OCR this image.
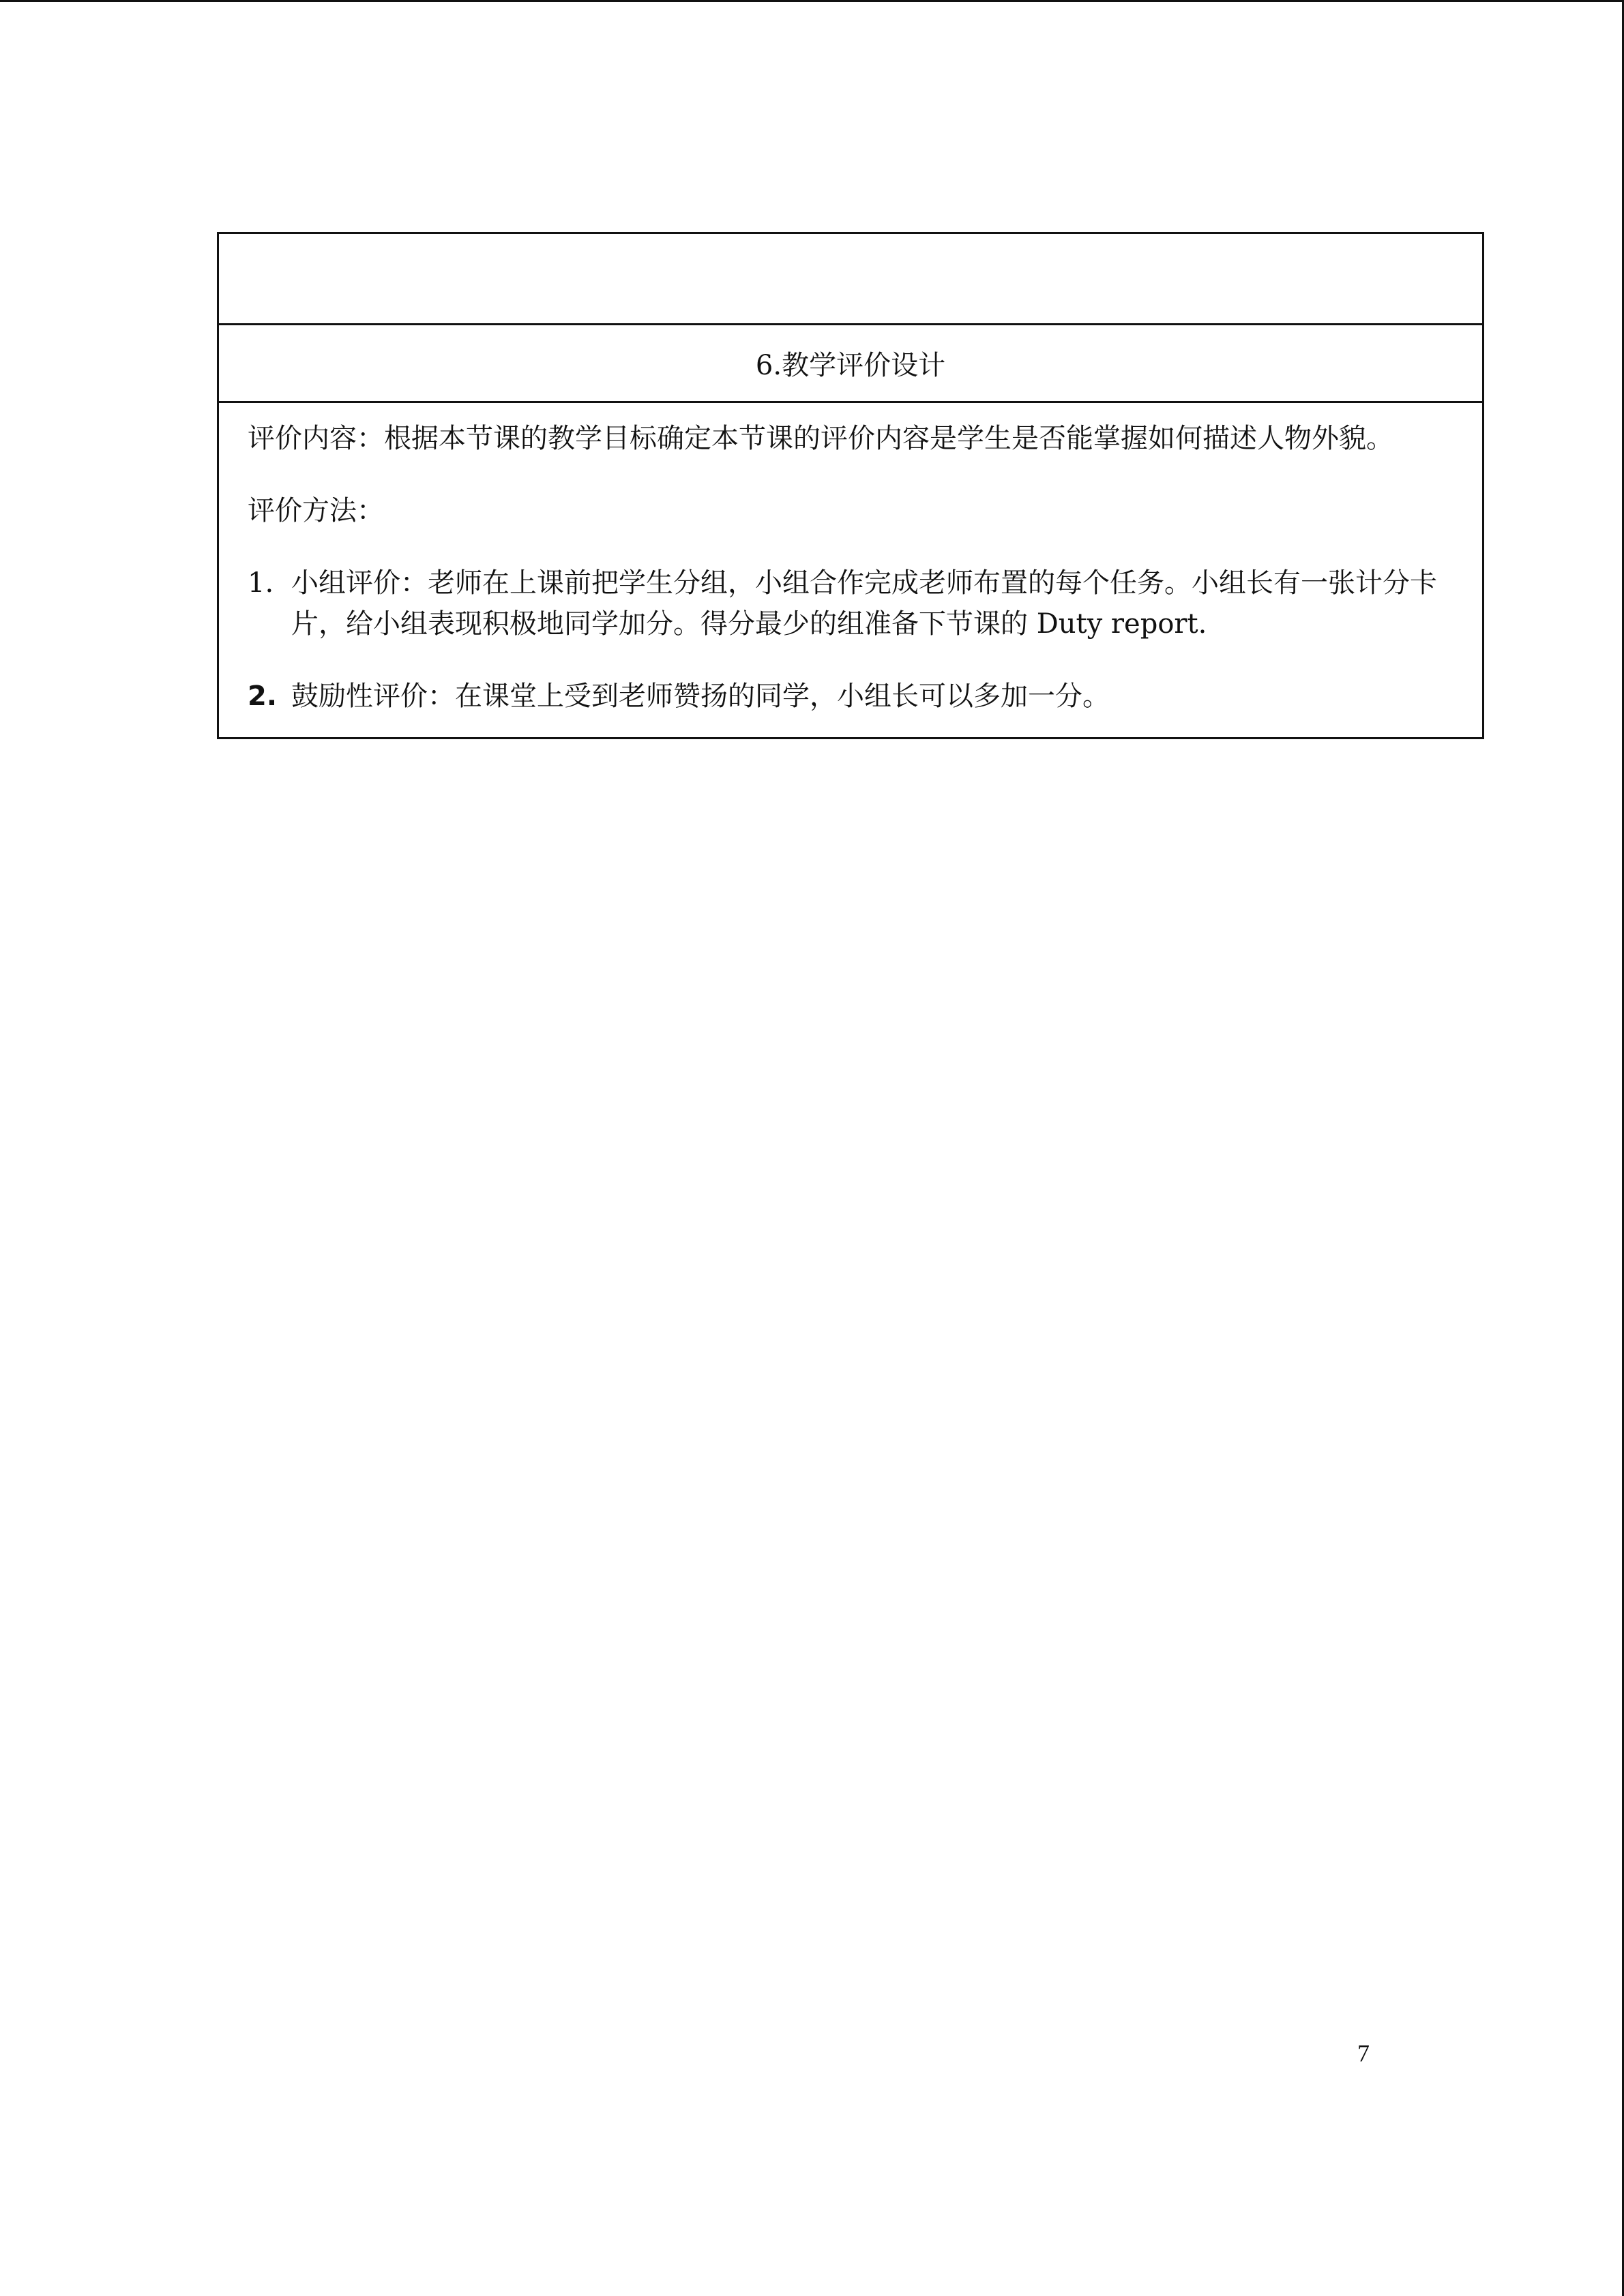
6.教学评价设计

评价内容：根据本节课的教学目标确定本节课的评价内容是学生是否能掌握如何描述人物外貌。

评价方法：

1. 小组评价：老师在上课前把学生分组，小组合作完成老师布置的每个任务。小组长有一张计分卡片，给小组表现积极地同学加分。得分最少的组准备下节课的 Duty report.
2. 鼓励性评价：在课堂上受到老师赞扬的同学，小组长可以多加一分。
7
